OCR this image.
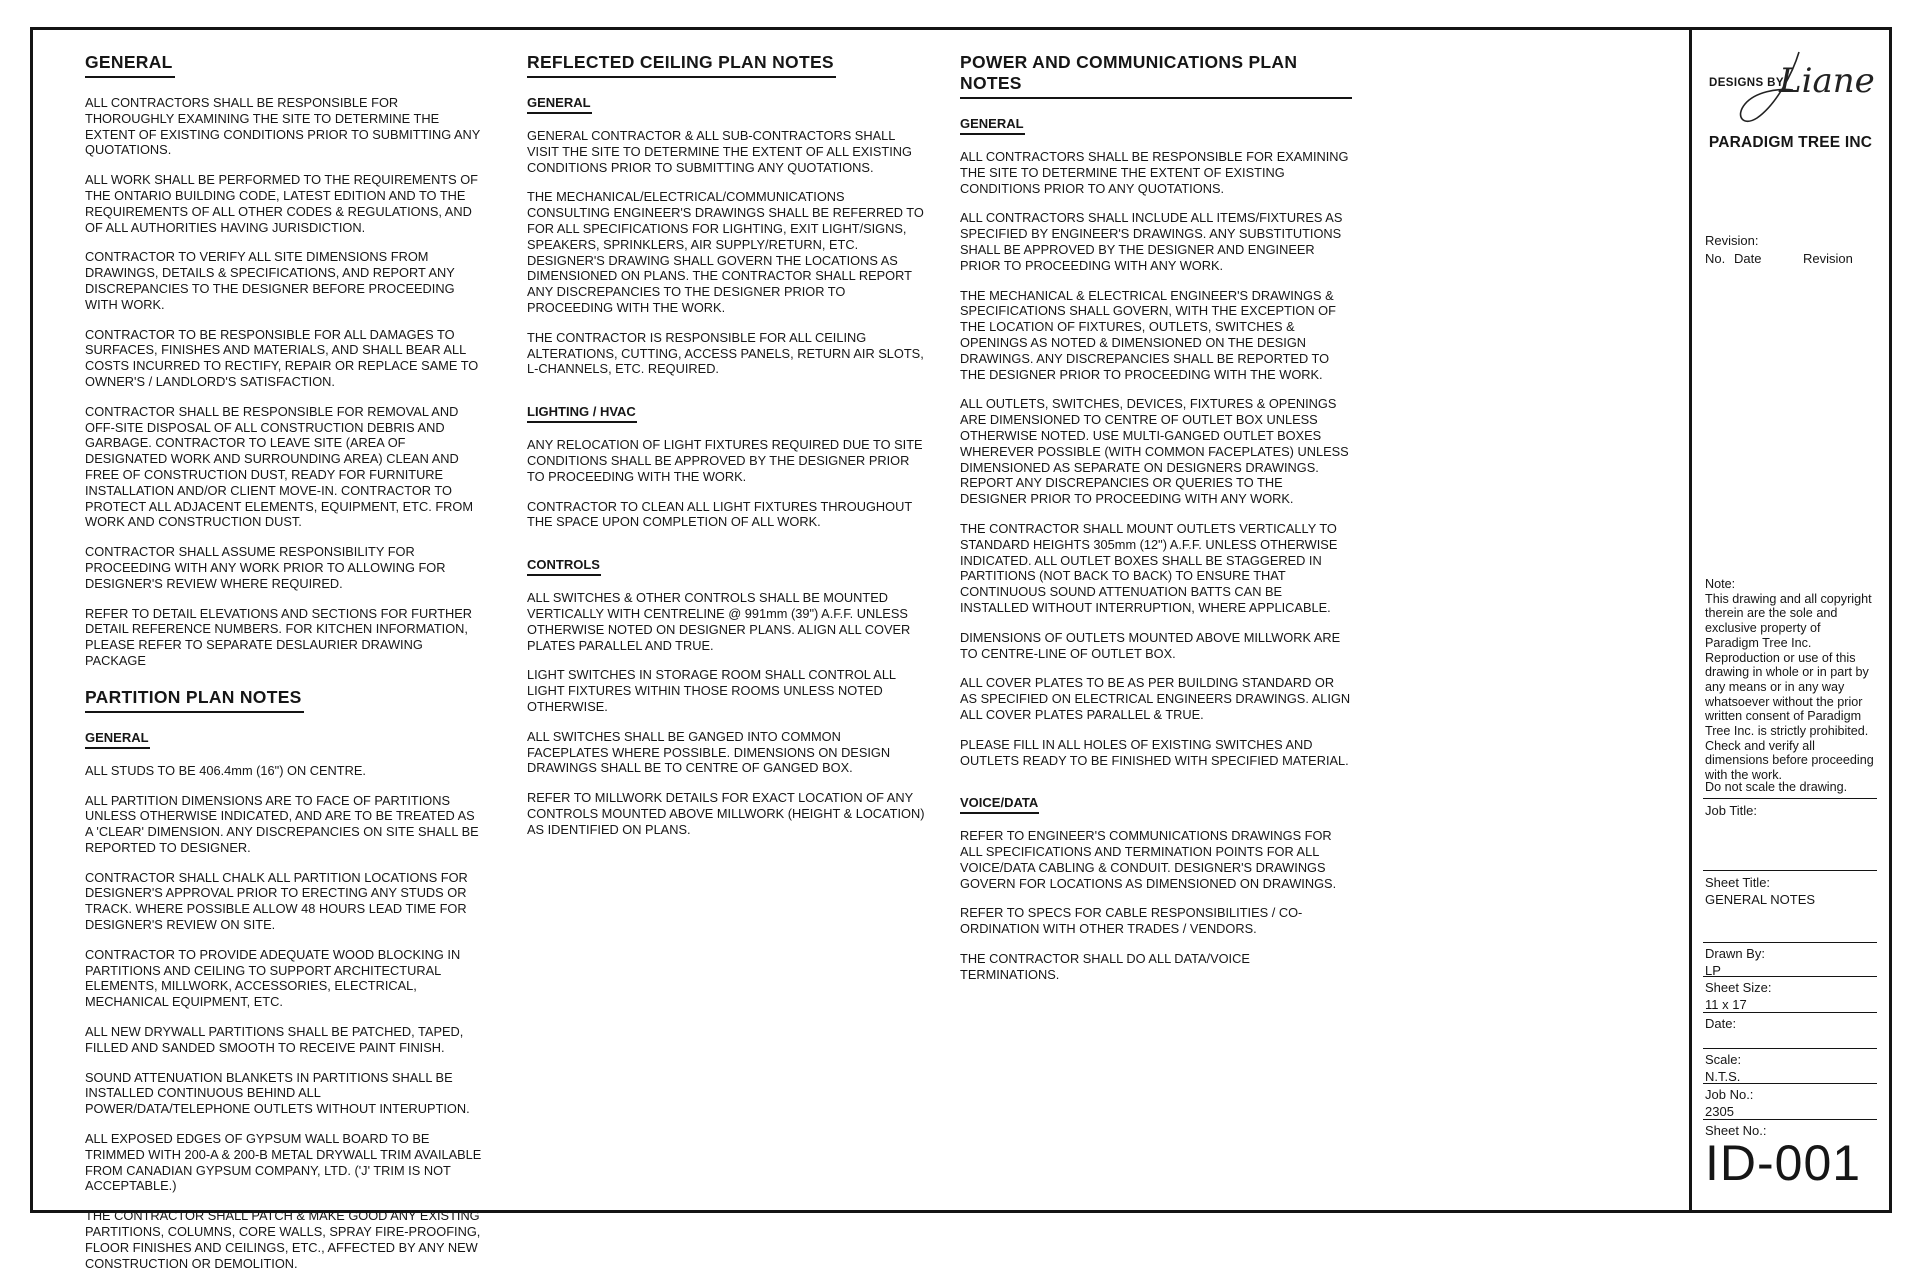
GENERAL

ALL CONTRACTORS SHALL BE RESPONSIBLE FOR THOROUGHLY EXAMINING THE SITE TO DETERMINE THE EXTENT OF EXISTING CONDITIONS PRIOR TO SUBMITTING ANY QUOTATIONS.

ALL WORK SHALL BE PERFORMED TO THE REQUIREMENTS OF THE ONTARIO BUILDING CODE, LATEST EDITION AND TO THE REQUIREMENTS OF ALL OTHER CODES & REGULATIONS, AND OF ALL AUTHORITIES HAVING JURISDICTION.

CONTRACTOR TO VERIFY ALL SITE DIMENSIONS FROM DRAWINGS, DETAILS & SPECIFICATIONS, AND REPORT ANY DISCREPANCIES TO THE DESIGNER BEFORE PROCEEDING WITH WORK.

CONTRACTOR TO BE RESPONSIBLE FOR ALL DAMAGES TO SURFACES, FINISHES AND MATERIALS, AND SHALL BEAR ALL COSTS INCURRED TO RECTIFY, REPAIR OR REPLACE SAME TO OWNER'S / LANDLORD'S SATISFACTION.

CONTRACTOR SHALL BE RESPONSIBLE FOR REMOVAL AND OFF-SITE DISPOSAL OF ALL CONSTRUCTION DEBRIS AND GARBAGE. CONTRACTOR TO LEAVE SITE (AREA OF DESIGNATED WORK AND SURROUNDING AREA) CLEAN AND FREE OF CONSTRUCTION DUST, READY FOR FURNITURE INSTALLATION AND/OR CLIENT MOVE-IN. CONTRACTOR TO PROTECT ALL ADJACENT ELEMENTS, EQUIPMENT, ETC. FROM WORK AND CONSTRUCTION DUST.

CONTRACTOR SHALL ASSUME RESPONSIBILITY FOR PROCEEDING WITH ANY WORK PRIOR TO ALLOWING FOR DESIGNER'S REVIEW WHERE REQUIRED.

REFER TO DETAIL ELEVATIONS AND SECTIONS FOR FURTHER DETAIL REFERENCE NUMBERS. FOR KITCHEN INFORMATION, PLEASE REFER TO SEPARATE DESLAURIER DRAWING PACKAGE

PARTITION PLAN NOTES
GENERAL

ALL STUDS TO BE 406.4mm (16") ON CENTRE.

ALL PARTITION DIMENSIONS ARE TO FACE OF PARTITIONS UNLESS OTHERWISE INDICATED, AND ARE TO BE TREATED AS A 'CLEAR' DIMENSION. ANY DISCREPANCIES ON SITE SHALL BE REPORTED TO DESIGNER.

CONTRACTOR SHALL CHALK ALL PARTITION LOCATIONS FOR DESIGNER'S APPROVAL PRIOR TO ERECTING ANY STUDS OR TRACK. WHERE POSSIBLE ALLOW 48 HOURS LEAD TIME FOR DESIGNER'S REVIEW ON SITE.

CONTRACTOR TO PROVIDE ADEQUATE WOOD BLOCKING IN PARTITIONS AND CEILING TO SUPPORT ARCHITECTURAL ELEMENTS, MILLWORK, ACCESSORIES, ELECTRICAL, MECHANICAL EQUIPMENT, ETC.

ALL NEW DRYWALL PARTITIONS SHALL BE PATCHED, TAPED, FILLED AND SANDED SMOOTH TO RECEIVE PAINT FINISH.

SOUND ATTENUATION BLANKETS IN PARTITIONS SHALL BE INSTALLED CONTINUOUS BEHIND ALL POWER/DATA/TELEPHONE OUTLETS WITHOUT INTERUPTION.

ALL EXPOSED EDGES OF GYPSUM WALL BOARD TO BE TRIMMED WITH 200-A & 200-B METAL DRYWALL TRIM AVAILABLE FROM CANADIAN GYPSUM COMPANY, LTD. ('J' TRIM IS NOT ACCEPTABLE.)

THE CONTRACTOR SHALL PATCH & MAKE GOOD ANY EXISTING PARTITIONS, COLUMNS, CORE WALLS, SPRAY FIRE-PROOFING, FLOOR FINISHES AND CEILINGS, ETC., AFFECTED BY ANY NEW CONSTRUCTION OR DEMOLITION.

REFLECTED CEILING PLAN NOTES
GENERAL

GENERAL CONTRACTOR & ALL SUB-CONTRACTORS SHALL VISIT THE SITE TO DETERMINE THE EXTENT OF ALL EXISTING CONDITIONS PRIOR TO SUBMITTING ANY QUOTATIONS.

THE MECHANICAL/ELECTRICAL/COMMUNICATIONS CONSULTING ENGINEER'S DRAWINGS SHALL BE REFERRED TO FOR ALL SPECIFICATIONS FOR LIGHTING, EXIT LIGHT/SIGNS, SPEAKERS, SPRINKLERS, AIR SUPPLY/RETURN, ETC. DESIGNER'S DRAWING SHALL GOVERN THE LOCATIONS AS DIMENSIONED ON PLANS. THE CONTRACTOR SHALL REPORT ANY DISCREPANCIES TO THE DESIGNER PRIOR TO PROCEEDING WITH THE WORK.

THE CONTRACTOR IS RESPONSIBLE FOR ALL CEILING ALTERATIONS, CUTTING, ACCESS PANELS, RETURN AIR SLOTS, L-CHANNELS, ETC. REQUIRED.

LIGHTING / HVAC

ANY RELOCATION OF LIGHT FIXTURES REQUIRED DUE TO SITE CONDITIONS SHALL BE APPROVED BY THE DESIGNER PRIOR TO PROCEEDING WITH THE WORK.

CONTRACTOR TO CLEAN ALL LIGHT FIXTURES THROUGHOUT THE SPACE UPON COMPLETION OF ALL WORK.

CONTROLS

ALL SWITCHES & OTHER CONTROLS SHALL BE MOUNTED VERTICALLY WITH CENTRELINE @ 991mm (39") A.F.F. UNLESS OTHERWISE NOTED ON DESIGNER PLANS. ALIGN ALL COVER PLATES PARALLEL AND TRUE.

LIGHT SWITCHES IN STORAGE ROOM SHALL CONTROL ALL LIGHT FIXTURES WITHIN THOSE ROOMS UNLESS NOTED OTHERWISE.

ALL SWITCHES SHALL BE GANGED INTO COMMON FACEPLATES WHERE POSSIBLE. DIMENSIONS ON DESIGN DRAWINGS SHALL BE TO CENTRE OF GANGED BOX.

REFER TO MILLWORK DETAILS FOR EXACT LOCATION OF ANY CONTROLS MOUNTED ABOVE MILLWORK (HEIGHT & LOCATION) AS IDENTIFIED ON PLANS.

POWER AND COMMUNICATIONS PLAN NOTES
GENERAL

ALL CONTRACTORS SHALL BE RESPONSIBLE FOR EXAMINING THE SITE TO DETERMINE THE EXTENT OF EXISTING CONDITIONS PRIOR TO ANY QUOTATIONS.

ALL CONTRACTORS SHALL INCLUDE ALL ITEMS/FIXTURES AS SPECIFIED BY ENGINEER'S DRAWINGS. ANY SUBSTITUTIONS SHALL BE APPROVED BY THE DESIGNER AND ENGINEER PRIOR TO PROCEEDING WITH ANY WORK.

THE MECHANICAL & ELECTRICAL ENGINEER'S DRAWINGS & SPECIFICATIONS SHALL GOVERN, WITH THE EXCEPTION OF THE LOCATION OF FIXTURES, OUTLETS, SWITCHES & OPENINGS AS NOTED & DIMENSIONED ON THE DESIGN DRAWINGS. ANY DISCREPANCIES SHALL BE REPORTED TO THE DESIGNER PRIOR TO PROCEEDING WITH THE WORK.

ALL OUTLETS, SWITCHES, DEVICES, FIXTURES & OPENINGS ARE DIMENSIONED TO CENTRE OF OUTLET BOX UNLESS OTHERWISE NOTED. USE MULTI-GANGED OUTLET BOXES WHEREVER POSSIBLE (WITH COMMON FACEPLATES) UNLESS DIMENSIONED AS SEPARATE ON DESIGNERS DRAWINGS. REPORT ANY DISCREPANCIES OR QUERIES TO THE DESIGNER PRIOR TO PROCEEDING WITH ANY WORK.

THE CONTRACTOR SHALL MOUNT OUTLETS VERTICALLY TO STANDARD HEIGHTS 305mm (12") A.F.F. UNLESS OTHERWISE INDICATED. ALL OUTLET BOXES SHALL BE STAGGERED IN PARTITIONS (NOT BACK TO BACK) TO ENSURE THAT CONTINUOUS SOUND ATTENUATION BATTS CAN BE INSTALLED WITHOUT INTERRUPTION, WHERE APPLICABLE.

DIMENSIONS OF OUTLETS MOUNTED ABOVE MILLWORK ARE TO CENTRE-LINE OF OUTLET BOX.

ALL COVER PLATES TO BE AS PER BUILDING STANDARD OR AS SPECIFIED ON ELECTRICAL ENGINEERS DRAWINGS. ALIGN ALL COVER PLATES PARALLEL & TRUE.

PLEASE FILL IN ALL HOLES OF EXISTING SWITCHES AND OUTLETS READY TO BE FINISHED WITH SPECIFIED MATERIAL.

VOICE/DATA

REFER TO ENGINEER'S COMMUNICATIONS DRAWINGS FOR ALL SPECIFICATIONS AND TERMINATION POINTS FOR ALL VOICE/DATA CABLING & CONDUIT. DESIGNER'S DRAWINGS GOVERN FOR LOCATIONS AS DIMENSIONED ON DRAWINGS.

REFER TO SPECS FOR CABLE RESPONSIBILITIES / CO-ORDINATION WITH OTHER TRADES / VENDORS.

THE CONTRACTOR SHALL DO ALL DATA/VOICE TERMINATIONS.

DESIGNS BY
Liane
PARADIGM TREE INC
Revision:
No. Date	Revision
Note:
This drawing and all copyright therein are the sole and exclusive property of Paradigm Tree Inc. Reproduction or use of this drawing in whole or in part by any means or in any way whatsoever without the prior written consent of Paradigm Tree Inc. is strictly prohibited. Check and verify all dimensions before proceeding with the work.
Do not scale the drawing.
Job Title:
Sheet Title:
GENERAL NOTES
Drawn By:
LP
Sheet Size:
11 x 17
Date:
Scale:
N.T.S.
Job No.:
2305
Sheet No.:
ID-001
